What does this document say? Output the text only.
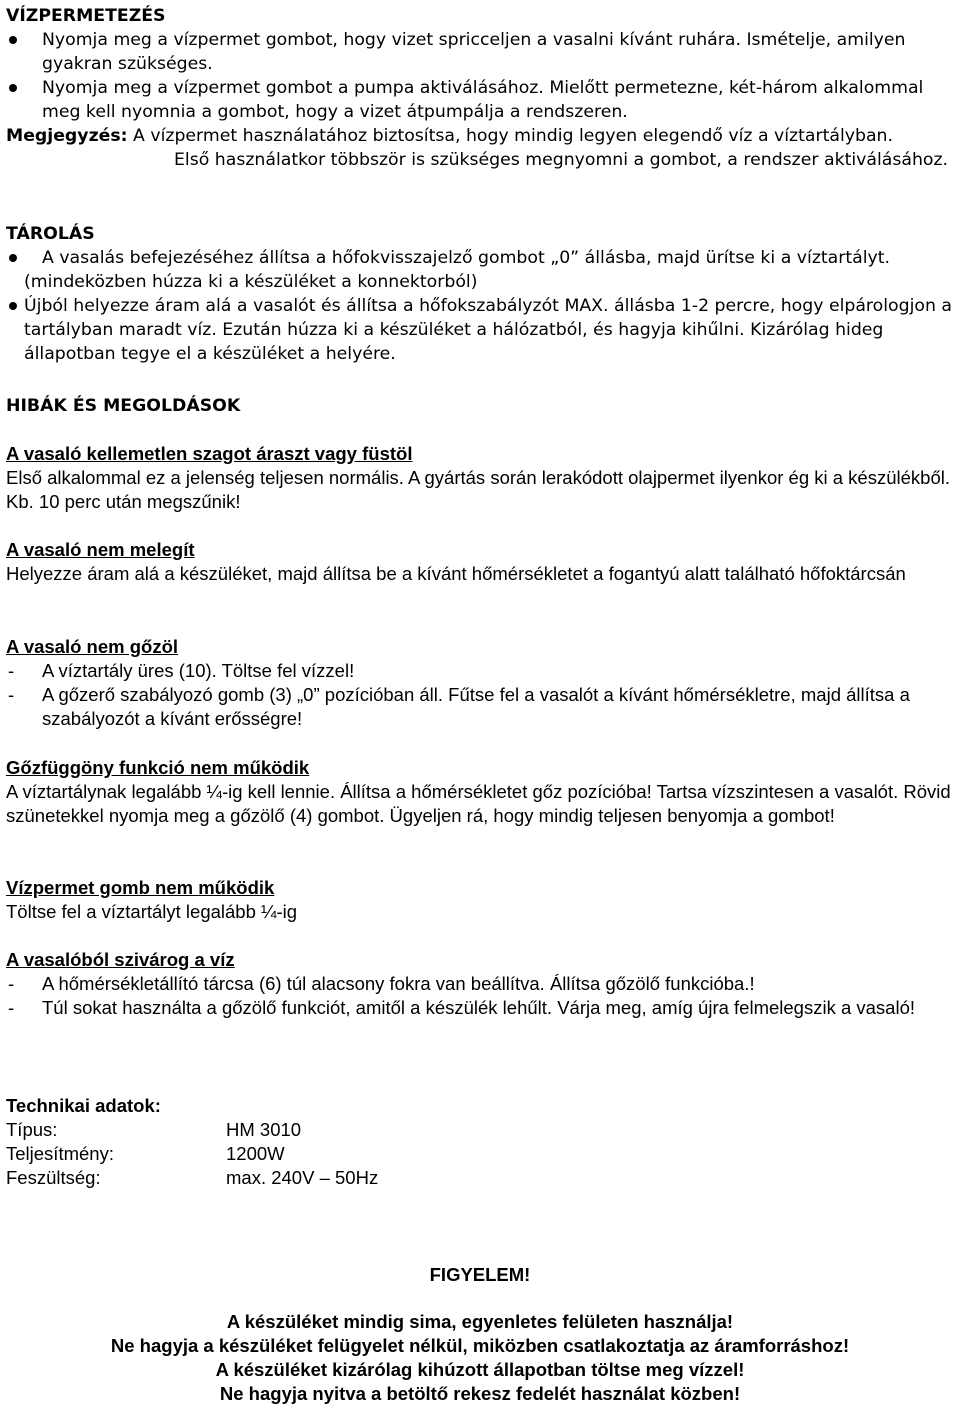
VÍZPERMETEZÉS
Nyomja meg a vízpermet gombot, hogy vizet spricceljen a vasalni kívánt ruhára. Ismételje, amilyen gyakran szükséges.
Nyomja meg a vízpermet gombot a pumpa aktiválásához. Mielőtt permetezne, két-három alkalommal meg kell nyomnia a gombot, hogy a vizet átpumpálja a rendszeren.
Megjegyzés: A vízpermet használatához biztosítsa, hogy mindig legyen elegendő víz a víztartályban.
Első használatkor többször is szükséges megnyomni a gombot, a rendszer aktiválásához.
TÁROLÁS
A vasalás befejezéséhez állítsa a hőfokvisszajelző gombot „0” állásba, majd ürítse ki a víztartályt.
(mindeközben húzza ki a készüléket a konnektorból)
Újból helyezze áram alá a vasalót és állítsa a hőfokszabályzót MAX. állásba 1-2 percre, hogy elpárologjon a tartályban maradt víz. Ezután húzza ki a készüléket a hálózatból, és hagyja kihűlni. Kizárólag hideg állapotban tegye el a készüléket a helyére.
HIBÁK ÉS MEGOLDÁSOK
A vasaló kellemetlen szagot áraszt vagy füstöl
Első alkalommal ez a jelenség teljesen normális. A gyártás során lerakódott olajpermet ilyenkor ég ki a készülékből. Kb. 10 perc után megszűnik!
A vasaló nem melegít
Helyezze áram alá a készüléket, majd állítsa be a kívánt hőmérsékletet a fogantyú alatt található hőfoktárcsán
A vasaló nem gőzöl
- A víztartály üres (10). Töltse fel vízzel!
- A gőzerő szabályozó gomb (3) „0” pozícióban áll. Fűtse fel a vasalót a kívánt hőmérsékletre, majd állítsa a szabályozót a kívánt erősségre!
Gőzfüggöny funkció nem működik
A víztartálynak legalább ¼-ig kell lennie. Állítsa a hőmérsékletet gőz pozícióba! Tartsa vízszintesen a vasalót. Rövid szünetekkel nyomja meg a gőzölő (4) gombot. Ügyeljen rá, hogy mindig teljesen benyomja a gombot!
Vízpermet gomb nem működik
Töltse fel a víztartályt legalább ¼-ig
A vasalóból szivárog a víz
- A hőmérsékletállító tárcsa (6) túl alacsony fokra van beállítva. Állítsa gőzölő funkcióba.!
- Túl sokat használta a gőzölő funkciót, amitől a készülék lehűlt. Várja meg, amíg újra felmelegszik a vasaló!
Technikai adatok:
Típus:	HM 3010
Teljesítmény:	1200W
Feszültség:	max. 240V – 50Hz
FIGYELEM!
A készüléket mindig sima, egyenletes felületen használja!
Ne hagyja a készüléket felügyelet nélkül, miközben csatlakoztatja az áramforráshoz!
A készüléket kizárólag kihúzott állapotban töltse meg vízzel!
Ne hagyja nyitva a betöltő rekesz fedelét használat közben!
